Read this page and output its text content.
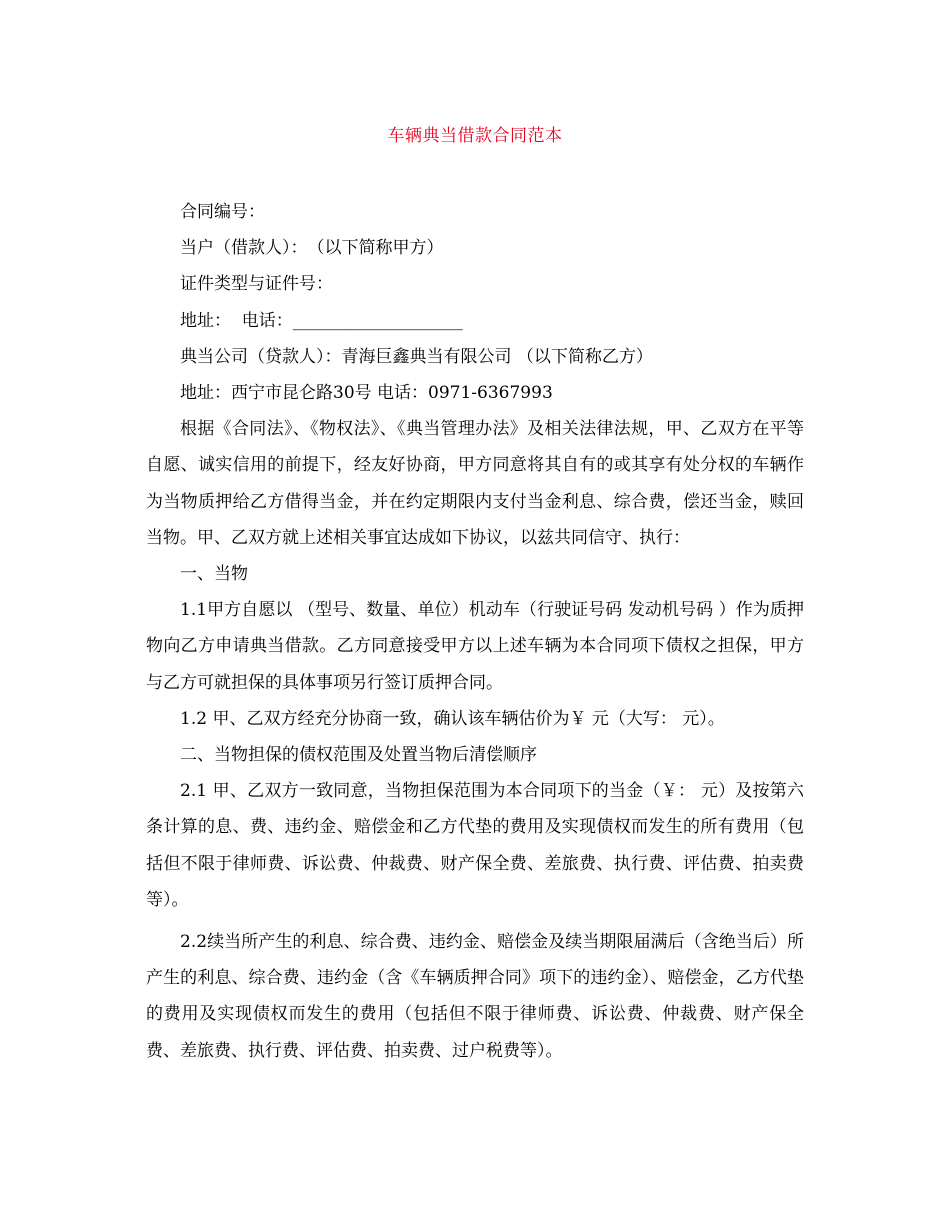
车辆典当借款合同范本

合同编号：

当户（借款人）：　（以下简称甲方）

证件类型与证件号：

地址：  电话：____________________

典当公司（贷款人）：青海巨鑫典当有限公司 （以下简称乙方）

地址：西宁市昆仑路30号 电话：0971-6367993

根据《合同法》、《物权法》、《典当管理办法》及相关法律法规，甲、乙双方在平等自愿、诚实信用的前提下，经友好协商，甲方同意将其自有的或其享有处分权的车辆作为当物质押给乙方借得当金，并在约定期限内支付当金利息、综合费，偿还当金，赎回当物。甲、乙双方就上述相关事宜达成如下协议，以兹共同信守、执行：

一、当物

1.1甲方自愿以 （型号、数量、单位）机动车（行驶证号码 发动机号码 ）作为质押物向乙方申请典当借款。乙方同意接受甲方以上述车辆为本合同项下债权之担保，甲方与乙方可就担保的具体事项另行签订质押合同。

1.2 甲、乙双方经充分协商一致，确认该车辆估价为￥ 元（大写： 元）。

二、当物担保的债权范围及处置当物后清偿顺序

2.1 甲、乙双方一致同意，当物担保范围为本合同项下的当金（￥： 元）及按第六条计算的息、费、违约金、赔偿金和乙方代垫的费用及实现债权而发生的所有费用（包括但不限于律师费、诉讼费、仲裁费、财产保全费、差旅费、执行费、评估费、拍卖费等）。

2.2续当所产生的利息、综合费、违约金、赔偿金及续当期限届满后（含绝当后）所产生的利息、综合费、违约金（含《车辆质押合同》项下的违约金）、赔偿金，乙方代垫的费用及实现债权而发生的费用（包括但不限于律师费、诉讼费、仲裁费、财产保全费、差旅费、执行费、评估费、拍卖费、过户税费等）。
